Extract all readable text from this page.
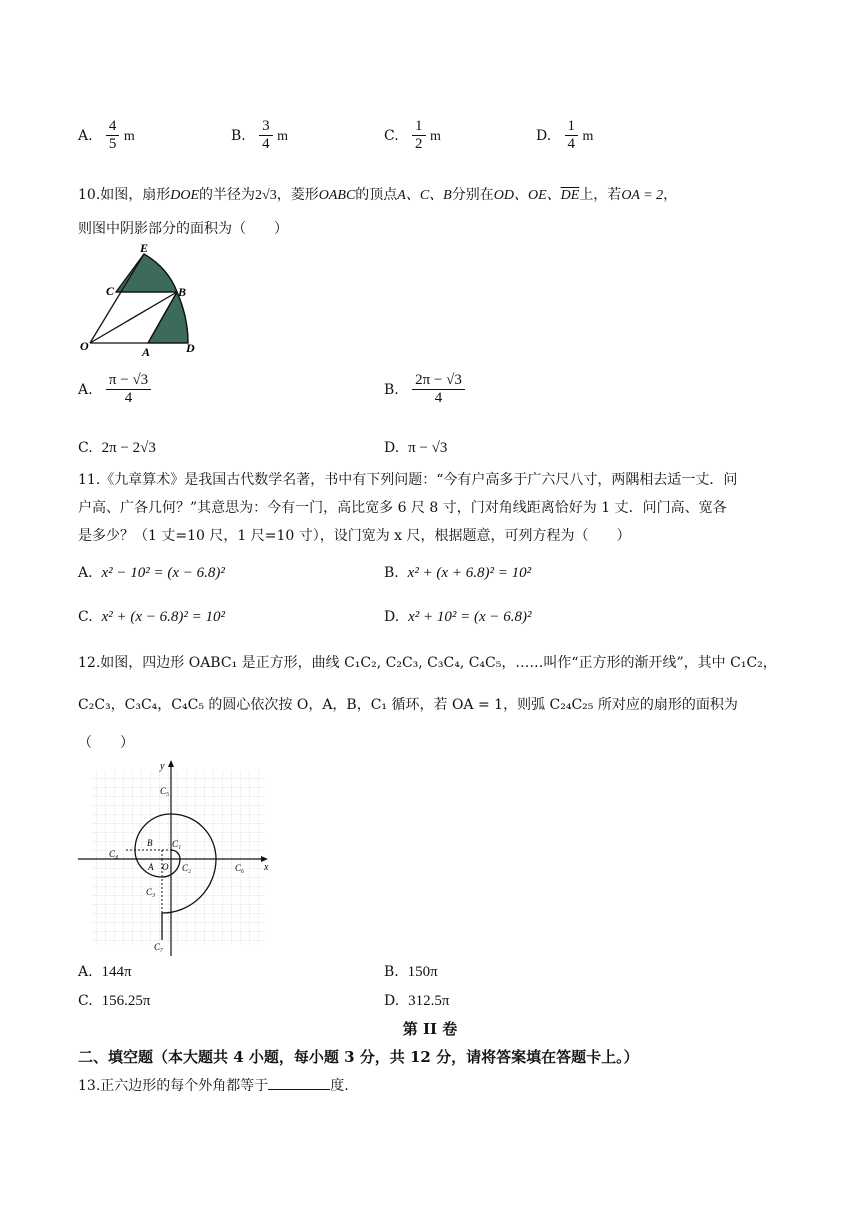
A. $\frac{4}{5}$ m	B. $\frac{3}{4}$ m	C. $\frac{1}{2}$ m	D. $\frac{1}{4}$ m
10.如图，扇形DOE的半径为2√3，菱形OABC的顶点A、C、B分别在OD、OE、$\overline{DE}$上，若OA = 2，
则图中阴影部分的面积为（　　）
E
C	B
O	A	D
A. $\frac{\pi - √3}{4}$	B. $\frac{2\pi - √3}{4}$
C. 2π − 2√3	D. π − √3
11.《九章算术》是我国古代数学名著，书中有下列问题：“今有户高多于广六尺八寸，两隅相去适一丈．问
户高、广各几何？”其意思为：今有一门，高比宽多 6 尺 8 寸，门对角线距离恰好为 1 丈．问门高、宽各
是多少？（1 丈=10 尺，1 尺=10 寸），设门宽为 x 尺，根据题意，可列方程为（　　）
A. x² − 10² = (x − 6.8)²	B. x² + (x + 6.8)² = 10²
C. x² + (x − 6.8)² = 10²	D. x² + 10² = (x − 6.8)²
12.如图，四边形 OABC₁ 是正方形，曲线 C₁C₂, C₂C₃, C₃C₄, C₄C₅，……叫作“正方形的渐开线”，其中 C₁C₂，
C₂C₃，C₃C₄，C₄C₅ 的圆心依次按 O，A，B，C₁ 循环，若 OA = 1，则弧 C₂₄C₂₅ 所对应的扇形的面积为
（　　）
y
x
C₅
B C₁
C₄
A O C₂	C₆
C₃
C₇
A. 144π	B. 150π
C. 156.25π	D. 312.5π
第 II 卷
二、填空题（本大题共 4 小题，每小题 3 分，共 12 分，请将答案填在答题卡上。）
13.正六边形的每个外角都等于	度.
